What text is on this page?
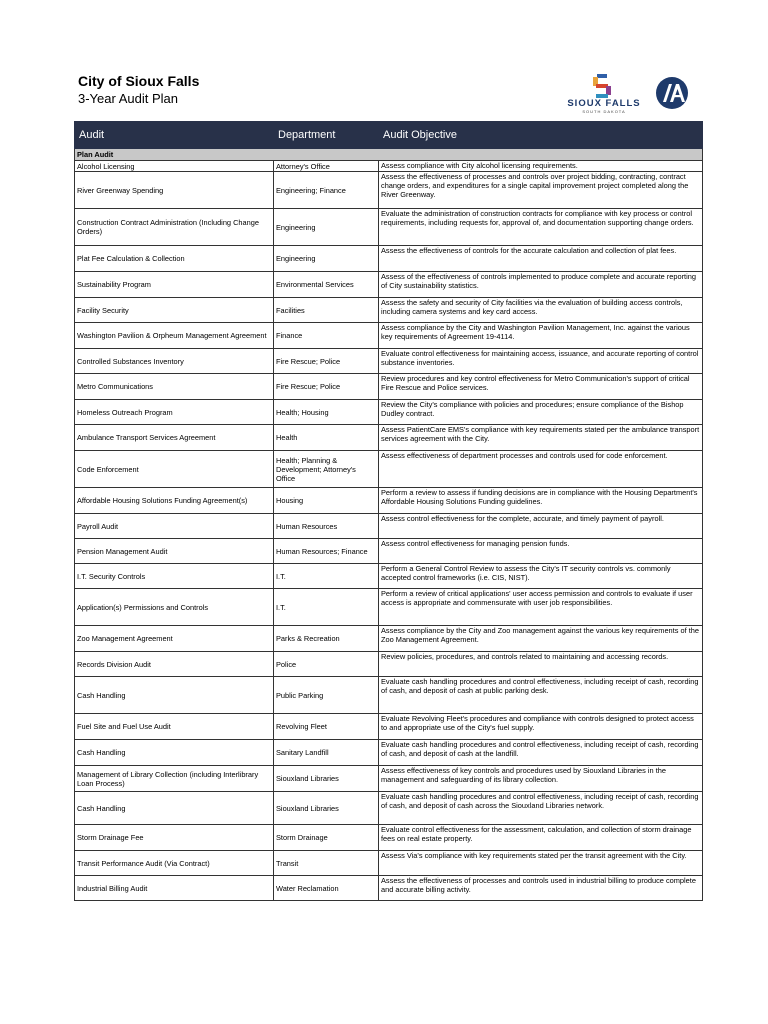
City of Sioux Falls
3-Year Audit Plan	SIOUX FALLS
SOUTH DAKOTA
Audit	Department	Audit Objective
Plan Audit		
Alcohol Licensing	Attorney's Office	Assess compliance with City alcohol licensing requirements.
River Greenway Spending	Engineering; Finance	Assess the effectiveness of processes and controls over project bidding, contracting, contract change orders, and expenditures for a single capital improvement project completed along the River Greenway.
Construction Contract Administration (Including Change Orders)	Engineering	Evaluate the administration of construction contracts for compliance with key process or control requirements, including requests for, approval of, and documentation supporting change orders.
Plat Fee Calculation & Collection	Engineering	Assess the effectiveness of controls for the accurate calculation and collection of plat fees.
Sustainability Program	Environmental Services	Assess of the effectiveness of controls implemented to produce complete and accurate reporting of City sustainability statistics.
Facility Security	Facilities	Assess the safety and security of City facilities via the evaluation of building access controls, including camera systems and key card access.
Washington Pavilion & Orpheum Management Agreement	Finance	Assess compliance by the City and Washington Pavilion Management, Inc. against the various key requirements of Agreement 19-4114.
Controlled Substances Inventory	Fire Rescue; Police	Evaluate control effectiveness for maintaining access, issuance, and accurate reporting of control substance inventories.
Metro Communications	Fire Rescue; Police	Review procedures and key control effectiveness for Metro Communication's support of critical Fire Rescue and Police services.
Homeless Outreach Program	Health; Housing	Review the City's compliance with policies and procedures; ensure compliance of the Bishop Dudley contract.
Ambulance Transport Services Agreement	Health	Assess PatientCare EMS's compliance with key requirements stated per the ambulance transport services agreement with the City.
Code Enforcement	Health; Planning & Development; Attorney's Office	Assess effectiveness of department processes and controls used for code enforcement.
Affordable Housing Solutions Funding Agreement(s)	Housing	Perform a review to assess if funding decisions are in compliance with the Housing Department's Affordable Housing Solutions Funding guidelines.
Payroll Audit	Human Resources	Assess control effectiveness for the complete, accurate, and timely payment of payroll.
Pension Management Audit	Human Resources; Finance	Assess control effectiveness for managing pension funds.
I.T. Security Controls	I.T.	Perform a General Control Review to assess the City's IT security controls vs. commonly accepted control frameworks (i.e. CIS, NIST).
Application(s) Permissions and Controls	I.T.	Perform a review of critical applications' user access permission and controls to evaluate if user access is appropriate and commensurate with user job responsibilities.
Zoo Management Agreement	Parks & Recreation	Assess compliance by the City and Zoo management against the various key requirements of the Zoo Management Agreement.
Records Division Audit	Police	Review policies, procedures, and controls related to maintaining and accessing records.
Cash Handling	Public Parking	Evaluate cash handling procedures and control effectiveness, including receipt of cash, recording of cash, and deposit of cash at public parking desk.
Fuel Site and Fuel Use Audit	Revolving Fleet	Evaluate Revolving Fleet's procedures and compliance with controls designed to protect access to and appropriate use of the City's fuel supply.
Cash Handling	Sanitary Landfill	Evaluate cash handling procedures and control effectiveness, including receipt of cash, recording of cash, and deposit of cash at the landfill.
Management of Library Collection (including Interlibrary Loan Process)	Siouxland Libraries	Assess effectiveness of key controls and procedures used by Siouxland Libraries in the management and safeguarding of its library collection.
Cash Handling	Siouxland Libraries	Evaluate cash handling procedures and control effectiveness, including receipt of cash, recording of cash, and deposit of cash across the Siouxland Libraries network.
Storm Drainage Fee	Storm Drainage	Evaluate control effectiveness for the assessment, calculation, and collection of storm drainage fees on real estate property.
Transit Performance Audit (Via Contract)	Transit	Assess Via's compliance with key requirements stated per the transit agreement with the City.
Industrial Billing Audit	Water Reclamation	Assess the effectiveness of processes and controls used in industrial billing to produce complete and accurate billing activity.
